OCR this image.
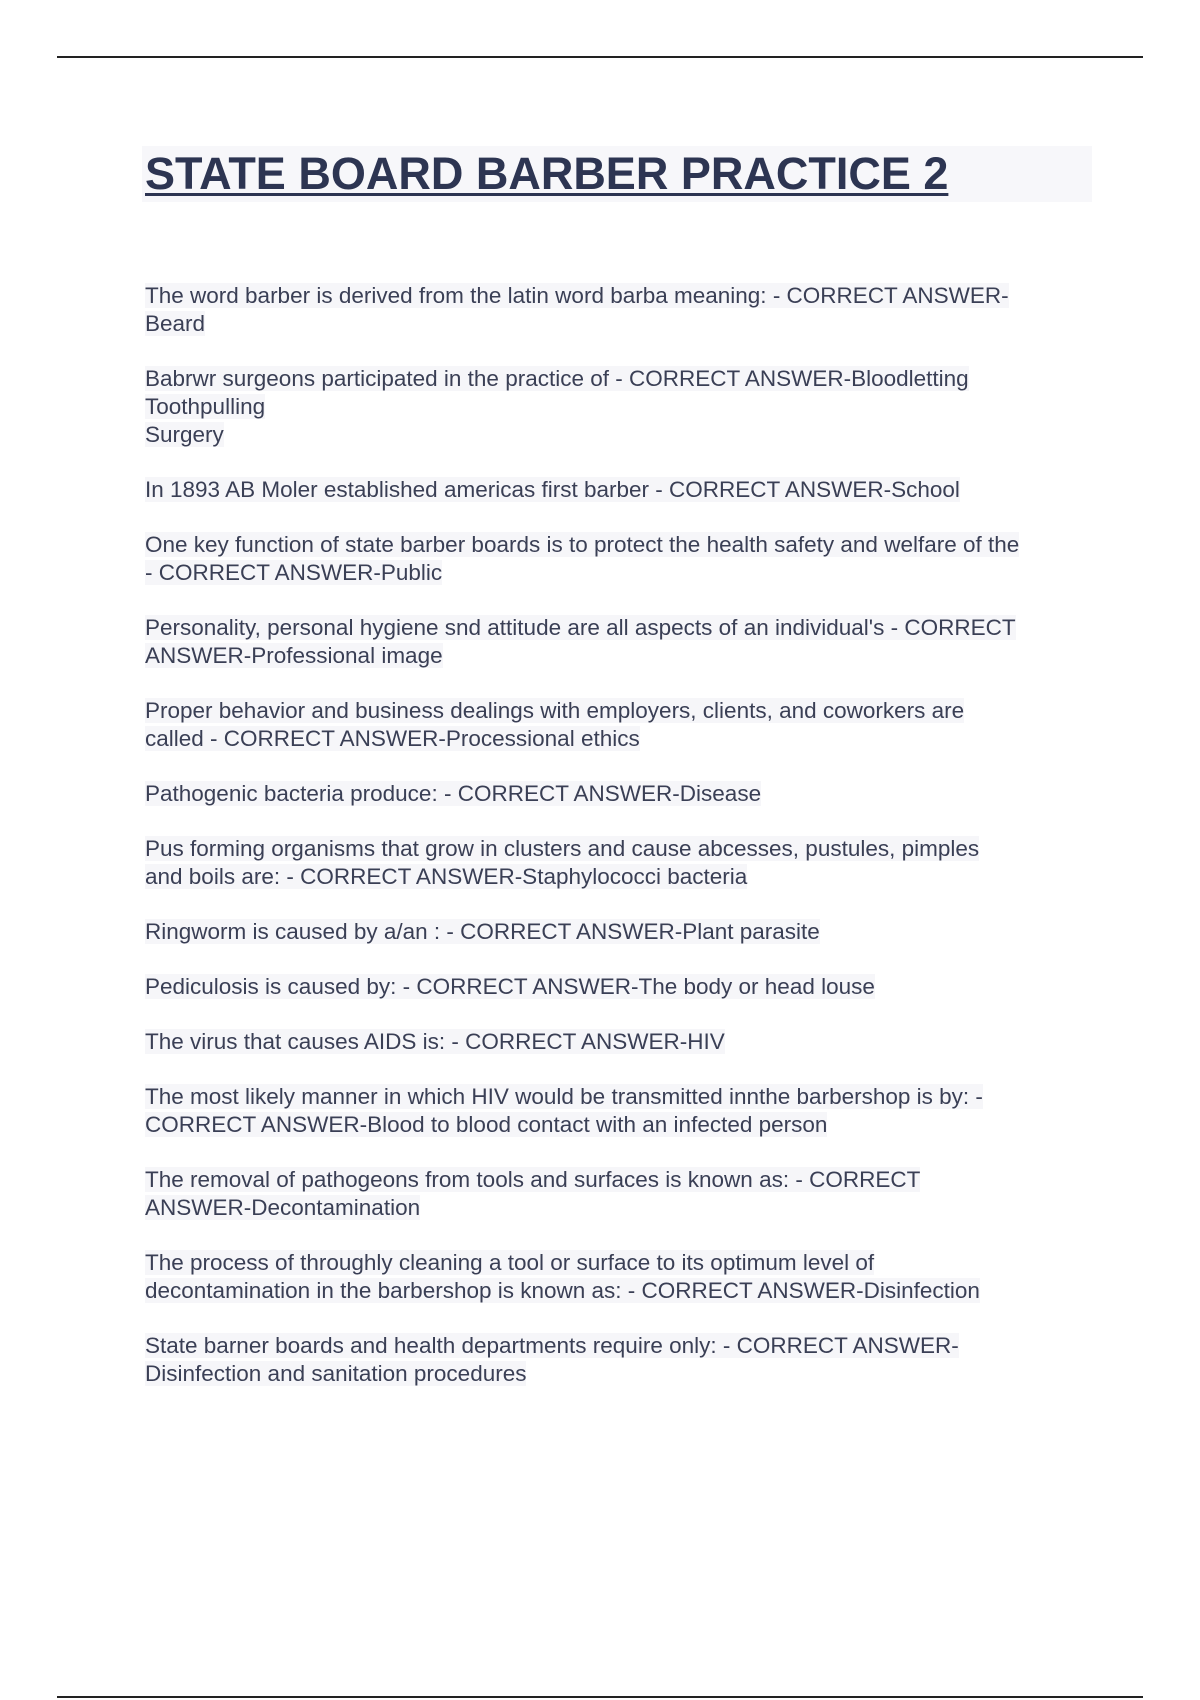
STATE BOARD BARBER PRACTICE 2
The word barber is derived from the latin word barba meaning: - CORRECT ANSWER-
Beard
Babrwr surgeons participated in the practice of - CORRECT ANSWER-Bloodletting
Toothpulling
Surgery
In 1893 AB Moler established americas first barber - CORRECT ANSWER-School
One key function of state barber boards is to protect the health safety and welfare of the
- CORRECT ANSWER-Public
Personality, personal hygiene snd attitude are all aspects of an individual's - CORRECT
ANSWER-Professional image
Proper behavior and business dealings with employers, clients, and coworkers are
called - CORRECT ANSWER-Processional ethics
Pathogenic bacteria produce: - CORRECT ANSWER-Disease
Pus forming organisms that grow in clusters and cause abcesses, pustules, pimples
and boils are: - CORRECT ANSWER-Staphylococci bacteria
Ringworm is caused by a/an : - CORRECT ANSWER-Plant parasite
Pediculosis is caused by: - CORRECT ANSWER-The body or head louse
The virus that causes AIDS is: - CORRECT ANSWER-HIV
The most likely manner in which HIV would be transmitted innthe barbershop is by: -
CORRECT ANSWER-Blood to blood contact with an infected person
The removal of pathogeons from tools and surfaces is known as: - CORRECT
ANSWER-Decontamination
The process of throughly cleaning a tool or surface to its optimum level of
decontamination in the barbershop is known as: - CORRECT ANSWER-Disinfection
State barner boards and health departments require only: - CORRECT ANSWER-
Disinfection and sanitation procedures
